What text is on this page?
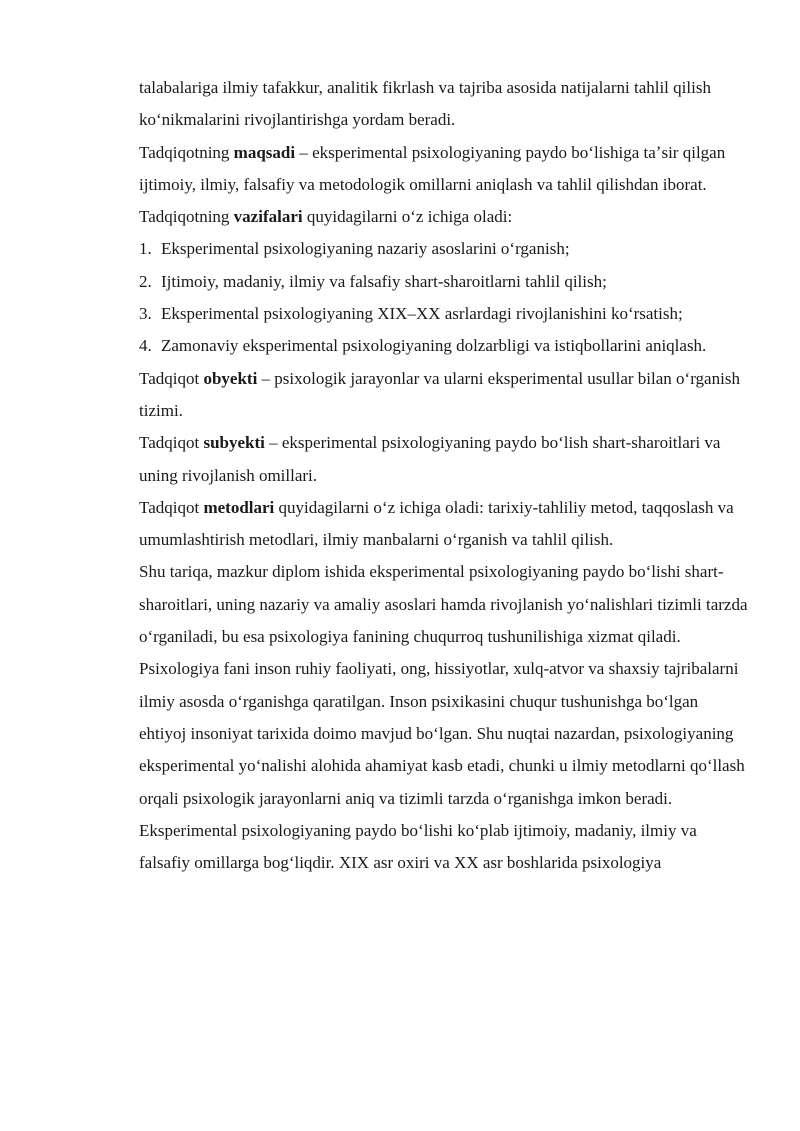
talabalariga ilmiy tafakkur, analitik fikrlash va tajriba asosida natijalarni tahlil qilish koʻnikmalarini rivojlantirishga yordam beradi.

Tadqiqotning maqsadi – eksperimental psixologiyaning paydo boʻlishiga taʼsir qilgan ijtimoiy, ilmiy, falsafiy va metodologik omillarni aniqlash va tahlil qilishdan iborat.

Tadqiqotning vazifalari quyidagilarni oʻz ichiga oladi:

1. Eksperimental psixologiyaning nazariy asoslarini oʻrganish;
2. Ijtimoiy, madaniy, ilmiy va falsafiy shart-sharoitlarni tahlil qilish;
3. Eksperimental psixologiyaning XIX–XX asrlardagi rivojlanishini koʻrsatish;
4. Zamonaviy eksperimental psixologiyaning dolzarbligi va istiqbollarini aniqlash.

Tadqiqot obyekti – psixologik jarayonlar va ularni eksperimental usullar bilan oʻrganish tizimi.

Tadqiqot subyekti – eksperimental psixologiyaning paydo boʻlish shart-sharoitlari va uning rivojlanish omillari.

Tadqiqot metodlari quyidagilarni oʻz ichiga oladi: tarixiy-tahliliy metod, taqqoslash va umumlashtirish metodlari, ilmiy manbalarni oʻrganish va tahlil qilish.

Shu tariqa, mazkur diplom ishida eksperimental psixologiyaning paydo boʻlishi shart-sharoitlari, uning nazariy va amaliy asoslari hamda rivojlanish yoʻnalishlari tizimli tarzda oʻrganiladi, bu esa psixologiya fanining chuqurroq tushunilishiga xizmat qiladi.

Psixologiya fani inson ruhiy faoliyati, ong, hissiyotlar, xulq-atvor va shaxsiy tajribalarni ilmiy asosda oʻrganishga qaratilgan. Inson psixikasini chuqur tushunishga boʻlgan ehtiyoj insoniyat tarixida doimo mavjud boʻlgan. Shu nuqtai nazardan, psixologiyaning eksperimental yoʻnalishi alohida ahamiyat kasb etadi, chunki u ilmiy metodlarni qoʻllash orqali psixologik jarayonlarni aniq va tizimli tarzda oʻrganishga imkon beradi.

Eksperimental psixologiyaning paydo boʻlishi koʻplab ijtimoiy, madaniy, ilmiy va falsafiy omillarga bogʻliqdir. XIX asr oxiri va XX asr boshlarida psixologiya
